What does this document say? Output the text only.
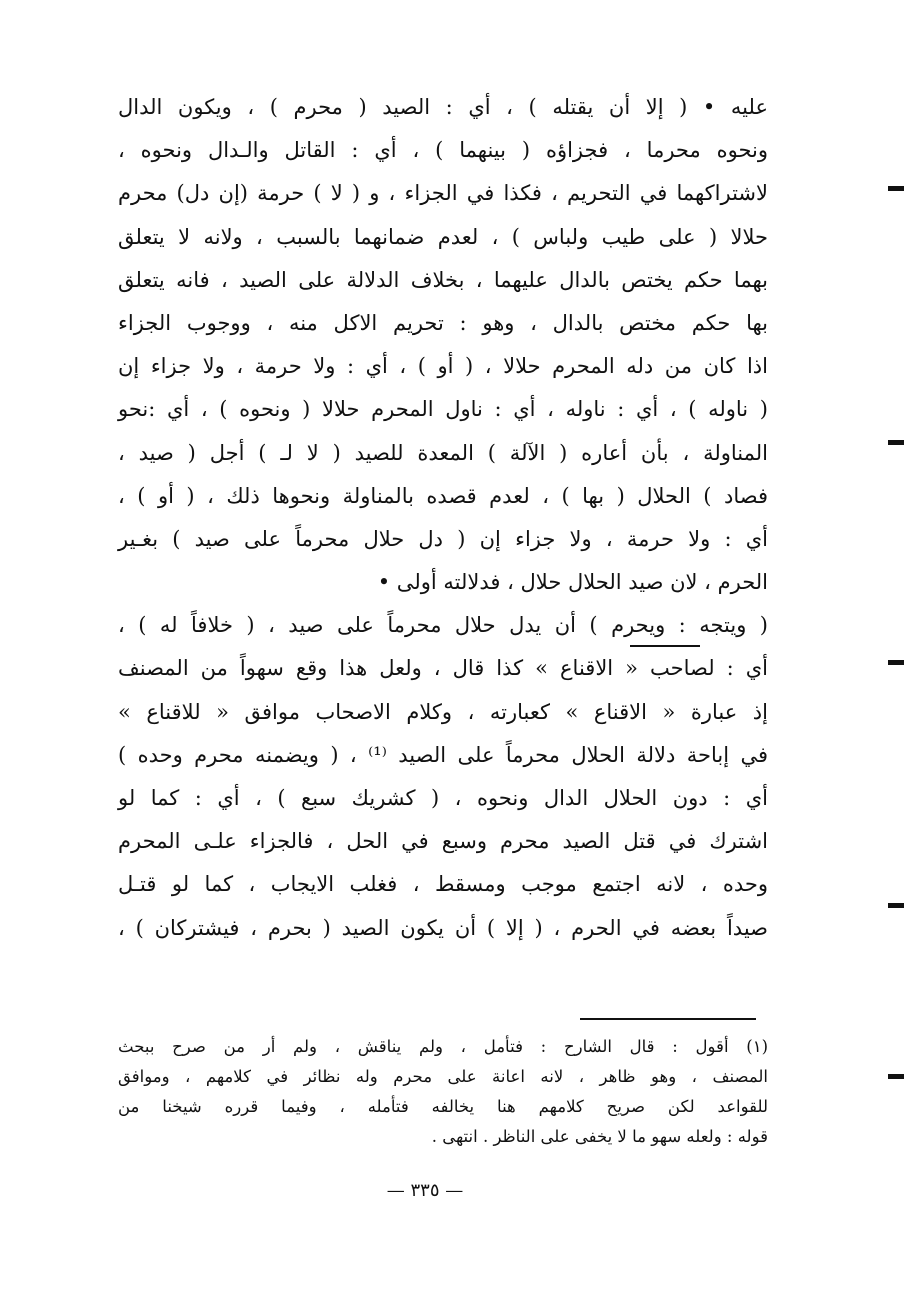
عليه • ( إلا أن يقتله ) ، أي : الصيد ( محرم ) ، ويكون الدال
ونحوه محرما ، فجزاؤه ( بينهما ) ، أي : القاتل والـدال ونحوه ،
لاشتراكهما في التحريم ، فكذا في الجزاء ، و ( لا ) حرمة (إن دل) محرم
حلالا ( على طيب ولباس ) ، لعدم ضمانهما بالسبب ، ولانه لا يتعلق
بهما حكم يختص بالدال عليهما ، بخلاف الدلالة على الصيد ، فانه يتعلق
بها حكم مختص بالدال ، وهو : تحريم الاكل منه ، ووجوب الجزاء
اذا كان من دله المحرم حلالا ، ( أو ) ، أي : ولا حرمة ، ولا جزاء إن
( ناوله ) ، أي : ناوله ، أي : ناول المحرم حلالا ( ونحوه ) ، أي :نحو
المناولة ، بأن أعاره ( الآلة ) المعدة للصيد ( لا لـ ) أجل ( صيد ،
فصاد ) الحلال ( بها ) ، لعدم قصده بالمناولة ونحوها ذلك ، ( أو ) ،
أي : ولا حرمة ، ولا جزاء إن ( دل حلال محرماً على صيد ) بغـير
الحرم ، لان صيد الحلال حلال ، فدلالته أولى •
( ويتجه : ويحرم ) أن يدل حلال محرماً على صيد ، ( خلافاً له ) ،
أي : لصاحب « الاقناع » كذا قال ، ولعل هذا وقع سهواً من المصنف
إذ عبارة « الاقناع » كعبارته ، وكلام الاصحاب موافق « للاقناع »
في إباحة دلالة الحلال محرماً على الصيد ⁽¹⁾ ، ( ويضمنه محرم وحده )
أي : دون الحلال الدال ونحوه ، ( كشريك سبع ) ، أي : كما لو
اشترك في قتل الصيد محرم وسبع في الحل ، فالجزاء علـى المحرم
وحده ، لانه اجتمع موجب ومسقط ، فغلب الايجاب ، كما لو قتـل
صيداً بعضه في الحرم ، ( إلا ) أن يكون الصيد ( بحرم ، فيشتركان ) ،
(١) أقول : قال الشارح : فتأمل ، ولم يناقش ، ولم أر من صرح ببحث
المصنف ، وهو ظاهر ، لانه اعانة على محرم وله نظائر في كلامهم ، وموافق
للقواعد لكن صريح كلامهم هنا يخالفه فتأمله ، وفيما قرره شيخنا من
قوله : ولعله سهو ما لا يخفى على الناظر . انتهى .
— ٣٣٥ —
